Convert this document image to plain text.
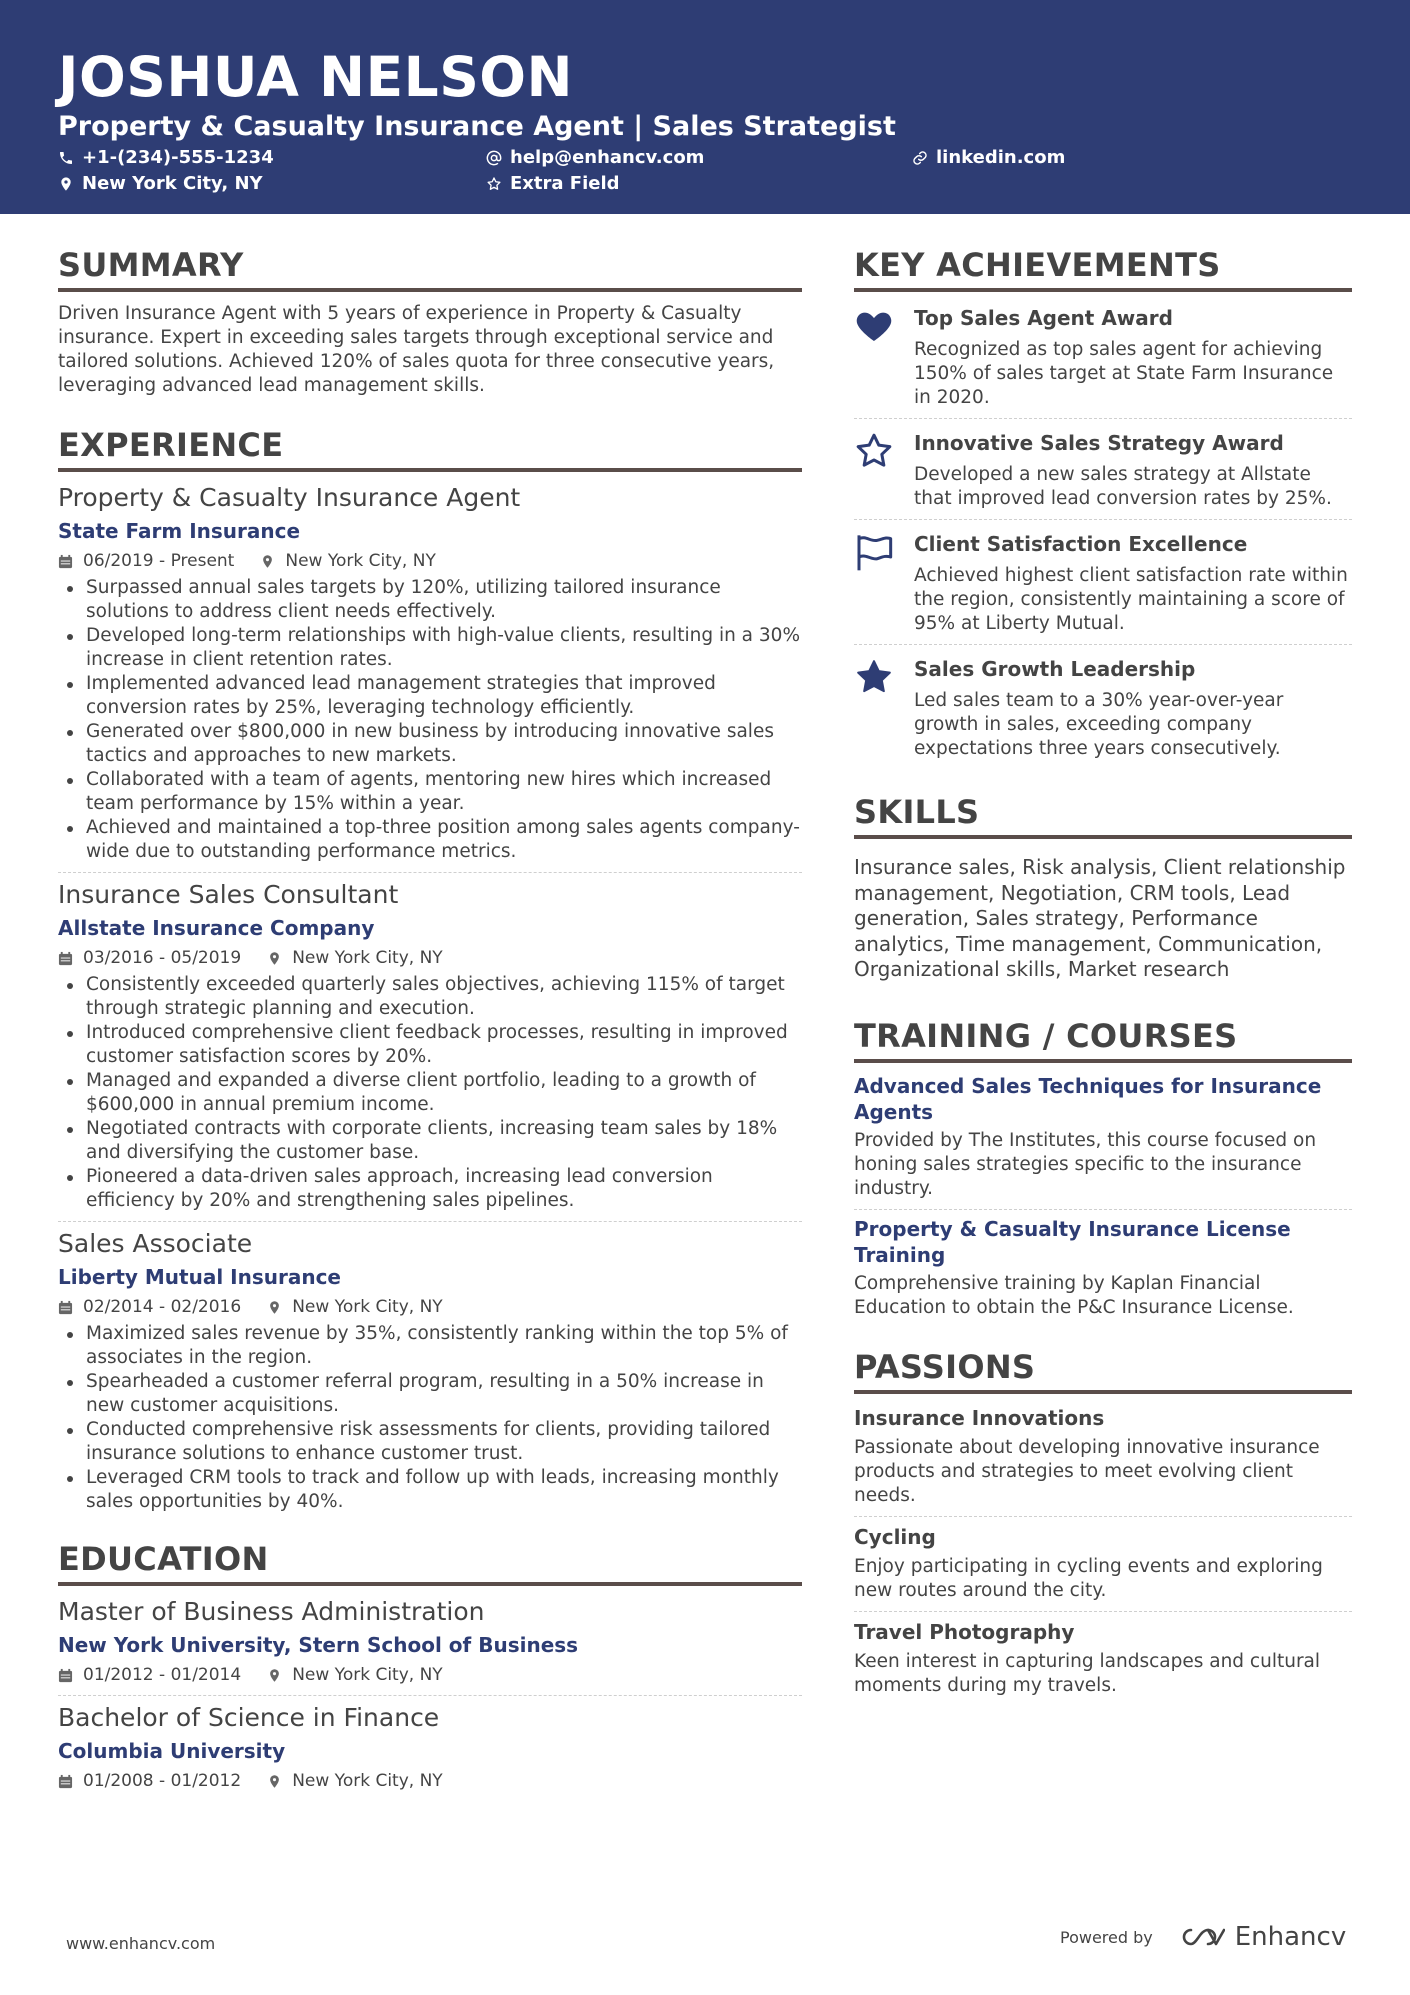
JOSHUA NELSON
Property & Casualty Insurance Agent | Sales Strategist
+1-(234)-555-1234	help@enhancv.com	linkedin.com
New York City, NY	Extra Field
SUMMARY
Driven Insurance Agent with 5 years of experience in Property & Casualty insurance. Expert in exceeding sales targets through exceptional service and tailored solutions. Achieved 120% of sales quota for three consecutive years, leveraging advanced lead management skills.
EXPERIENCE
Property & Casualty Insurance Agent
State Farm Insurance
06/2019 - Present	New York City, NY
Surpassed annual sales targets by 120%, utilizing tailored insurance solutions to address client needs effectively.
Developed long-term relationships with high-value clients, resulting in a 30% increase in client retention rates.
Implemented advanced lead management strategies that improved conversion rates by 25%, leveraging technology efficiently.
Generated over $800,000 in new business by introducing innovative sales tactics and approaches to new markets.
Collaborated with a team of agents, mentoring new hires which increased team performance by 15% within a year.
Achieved and maintained a top-three position among sales agents company-wide due to outstanding performance metrics.
Insurance Sales Consultant
Allstate Insurance Company
03/2016 - 05/2019	New York City, NY
Consistently exceeded quarterly sales objectives, achieving 115% of target through strategic planning and execution.
Introduced comprehensive client feedback processes, resulting in improved customer satisfaction scores by 20%.
Managed and expanded a diverse client portfolio, leading to a growth of $600,000 in annual premium income.
Negotiated contracts with corporate clients, increasing team sales by 18% and diversifying the customer base.
Pioneered a data-driven sales approach, increasing lead conversion efficiency by 20% and strengthening sales pipelines.
Sales Associate
Liberty Mutual Insurance
02/2014 - 02/2016	New York City, NY
Maximized sales revenue by 35%, consistently ranking within the top 5% of associates in the region.
Spearheaded a customer referral program, resulting in a 50% increase in new customer acquisitions.
Conducted comprehensive risk assessments for clients, providing tailored insurance solutions to enhance customer trust.
Leveraged CRM tools to track and follow up with leads, increasing monthly sales opportunities by 40%.
EDUCATION
Master of Business Administration
New York University, Stern School of Business
01/2012 - 01/2014	New York City, NY
Bachelor of Science in Finance
Columbia University
01/2008 - 01/2012	New York City, NY
KEY ACHIEVEMENTS
Top Sales Agent Award
Recognized as top sales agent for achieving 150% of sales target at State Farm Insurance in 2020.
Innovative Sales Strategy Award
Developed a new sales strategy at Allstate that improved lead conversion rates by 25%.
Client Satisfaction Excellence
Achieved highest client satisfaction rate within the region, consistently maintaining a score of 95% at Liberty Mutual.
Sales Growth Leadership
Led sales team to a 30% year-over-year growth in sales, exceeding company expectations three years consecutively.
SKILLS
Insurance sales, Risk analysis, Client relationship management, Negotiation, CRM tools, Lead generation, Sales strategy, Performance analytics, Time management, Communication, Organizational skills, Market research
TRAINING / COURSES
Advanced Sales Techniques for Insurance Agents
Provided by The Institutes, this course focused on honing sales strategies specific to the insurance industry.
Property & Casualty Insurance License Training
Comprehensive training by Kaplan Financial Education to obtain the P&C Insurance License.
PASSIONS
Insurance Innovations
Passionate about developing innovative insurance products and strategies to meet evolving client needs.
Cycling
Enjoy participating in cycling events and exploring new routes around the city.
Travel Photography
Keen interest in capturing landscapes and cultural moments during my travels.
www.enhancv.com	Powered by	Enhancv
